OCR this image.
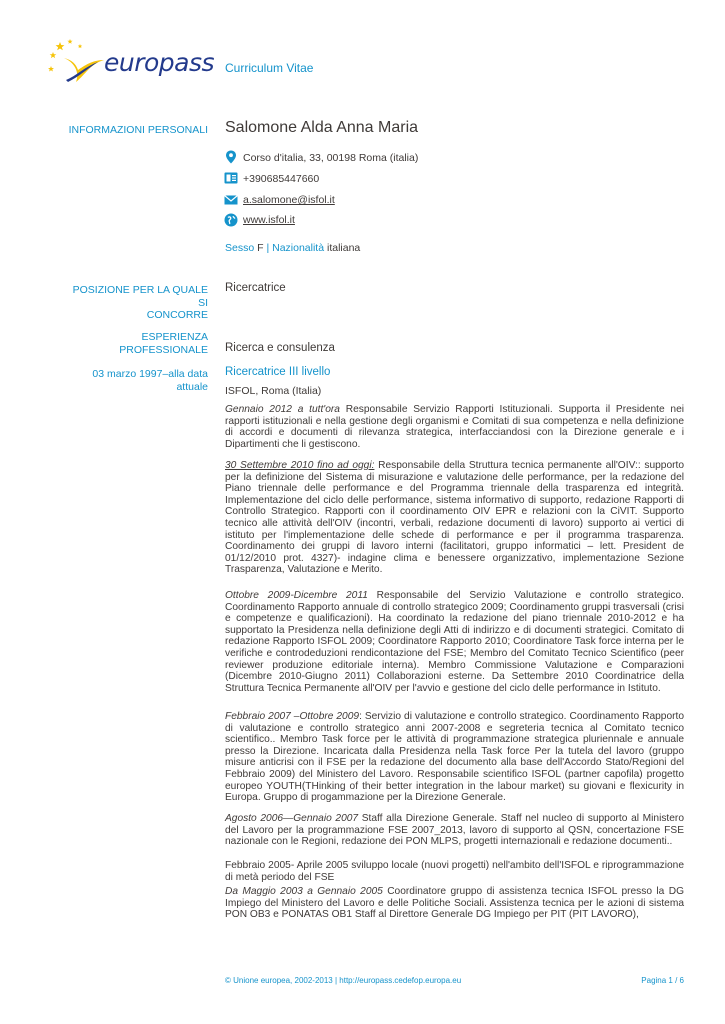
europass Curriculum Vitae
INFORMAZIONI PERSONALI Salomone Alda Anna Maria
Corso d'italia, 33, 00198 Roma (italia)
+390685447660
a.salomone@isfol.it
www.isfol.it
Sesso F | Nazionalità italiana
POSIZIONE PER LA QUALE SI
CONCORRE
Ricercatrice
ESPERIENZA
PROFESSIONALE Ricerca e consulenza
03 marzo 1997–alla data attuale
Ricercatrice III livello
ISFOL, Roma (Italia)
Gennaio 2012 a tutt'ora Responsabile Servizio Rapporti Istituzionali. Supporta il Presidente nei rapporti istituzionali e nella gestione degli organismi e Comitati di sua competenza e nella definizione di accordi e documenti di rilevanza strategica, interfacciandosi con la Direzione generale e i Dipartimenti che li gestiscono.
30 Settembre 2010 fino ad oggi: Responsabile della Struttura tecnica permanente all'OIV:: supporto per la definizione del Sistema di misurazione e valutazione delle performance, per la redazione del Piano triennale delle performance e del Programma triennale della trasparenza ed integrità. Implementazione del ciclo delle performance, sistema informativo di supporto, redazione Rapporti di Controllo Strategico. Rapporti con il coordinamento OIV EPR e relazioni con la CiVIT. Supporto tecnico alle attività dell'OIV (incontri, verbali, redazione documenti di lavoro) supporto ai vertici di istituto per l'implementazione delle schede di performance e per il programma trasparenza. Coordinamento dei gruppi di lavoro interni (facilitatori, gruppo informatici – lett. President de 01/12/2010 prot. 4327)- indagine clima e benessere organizzativo, implementazione Sezione Trasparenza, Valutazione e Merito.
Ottobre 2009-Dicembre 2011 Responsabile del Servizio Valutazione e controllo strategico. Coordinamento Rapporto annuale di controllo strategico 2009; Coordinamento gruppi trasversali (crisi e competenze e qualificazioni). Ha coordinato la redazione del piano triennale 2010-2012 e ha supportato la Presidenza nella definizione degli Atti di indirizzo e di documenti strategici. Comitato di redazione Rapporto ISFOL 2009; Coordinatore Rapporto 2010; Coordinatore Task force interna per le verifiche e controdeduzioni rendicontazione del FSE; Membro del Comitato Tecnico Scientifico (peer reviewer produzione editoriale interna). Membro Commissione Valutazione e Comparazioni (Dicembre 2010-Giugno 2011) Collaborazioni esterne. Da Settembre 2010 Coordinatrice della Struttura Tecnica Permanente all'OIV per l'avvio e gestione del ciclo delle performance in Istituto.
Febbraio 2007 –Ottobre 2009: Servizio di valutazione e controllo strategico. Coordinamento Rapporto di valutazione e controllo strategico anni 2007-2008 e segreteria tecnica al Comitato tecnico scientifico.. Membro Task force per le attività di programmazione strategica pluriennale e annuale presso la Direzione. Incaricata dalla Presidenza nella Task force Per la tutela del lavoro (gruppo misure anticrisi con il FSE per la redazione del documento alla base dell'Accordo Stato/Regioni del Febbraio 2009) del Ministero del Lavoro. Responsabile scientifico ISFOL (partner capofila) progetto europeo YOUTH(THinking of their better integration in the labour market) su giovani e flexicurity in Europa. Gruppo di progammazione per la Direzione Generale.
Agosto 2006—Gennaio 2007 Staff alla Direzione Generale. Staff nel nucleo di supporto al Ministero del Lavoro per la programmazione FSE 2007_2013, lavoro di supporto al QSN, concertazione FSE nazionale con le Regioni, redazione dei PON MLPS, progetti internazionali e redazione documenti..
Febbraio 2005- Aprile 2005 sviluppo locale (nuovi progetti) nell'ambito dell'ISFOL e riprogrammazione di metà periodo del FSE
Da Maggio 2003 a Gennaio 2005 Coordinatore gruppo di assistenza tecnica ISFOL presso la DG Impiego del Ministero del Lavoro e delle Politiche Sociali. Assistenza tecnica per le azioni di sistema PON OB3 e PONATAS OB1 Staff al Direttore Generale DG Impiego per PIT (PIT LAVORO),
© Unione europea, 2002-2013 | http://europass.cedefop.europa.eu	Pagina 1 / 6
